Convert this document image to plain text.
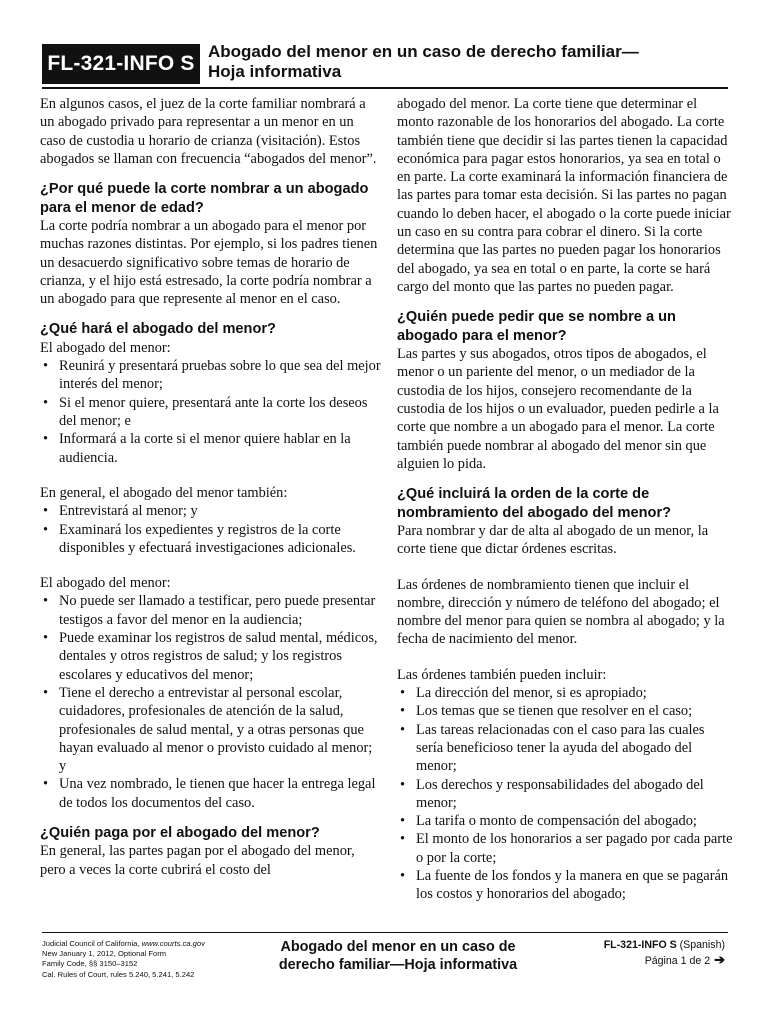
FL-321-INFO S
Abogado del menor en un caso de derecho familiar—
Hoja informativa

En algunos casos, el juez de la corte familiar nombrará a un abogado privado para representar a un menor en un caso de custodia u horario de crianza (visitación). Estos abogados se llaman con frecuencia “abogados del menor”.

¿Por qué puede la corte nombrar a un abogado para el menor de edad?

La corte podría nombrar a un abogado para el menor por muchas razones distintas. Por ejemplo, si los padres tienen un desacuerdo significativo sobre temas de horario de crianza, y el hijo está estresado, la corte podría nombrar a un abogado para que represente al menor en el caso.

¿Qué hará el abogado del menor?

El abogado del menor:

• Reunirá y presentará pruebas sobre lo que sea del mejor interés del menor;
• Si el menor quiere, presentará ante la corte los deseos del menor; e
• Informará a la corte si el menor quiere hablar en la audiencia.

En general, el abogado del menor también:

• Entrevistará al menor; y
• Examinará los expedientes y registros de la corte disponibles y efectuará investigaciones adicionales.

El abogado del menor:

• No puede ser llamado a testificar, pero puede presentar testigos a favor del menor en la audiencia;
• Puede examinar los registros de salud mental, médicos, dentales y otros registros de salud; y los registros escolares y educativos del menor;
• Tiene el derecho a entrevistar al personal escolar, cuidadores, profesionales de atención de la salud, profesionales de salud mental, y a otras personas que hayan evaluado al menor o provisto cuidado al menor; y
• Una vez nombrado, le tienen que hacer la entrega legal de todos los documentos del caso.
¿Quién paga por el abogado del menor?

En general, las partes pagan por el abogado del menor, pero a veces la corte cubrirá el costo del

abogado del menor. La corte tiene que determinar el monto razonable de los honorarios del abogado. La corte también tiene que decidir si las partes tienen la capacidad económica para pagar estos honorarios, ya sea en total o en parte. La corte examinará la información financiera de las partes para tomar esta decisión. Si las partes no pagan cuando lo deben hacer, el abogado o la corte puede iniciar un caso en su contra para cobrar el dinero. Si la corte determina que las partes no pueden pagar los honorarios del abogado, ya sea en total o en parte, la corte se hará cargo del monto que las partes no pueden pagar.

¿Quién puede pedir que se nombre a un abogado para el menor?

Las partes y sus abogados, otros tipos de abogados, el menor o un pariente del menor, o un mediador de la custodia de los hijos, consejero recomendante de la custodia de los hijos o un evaluador, pueden pedirle a la corte que nombre a un abogado para el menor. La corte también puede nombrar al abogado del menor sin que alguien lo pida.

¿Qué incluirá la orden de la corte de nombramiento del abogado del menor?

Para nombrar y dar de alta al abogado de un menor, la corte tiene que dictar órdenes escritas.

Las órdenes de nombramiento tienen que incluir el nombre, dirección y número de teléfono del abogado; el nombre del menor para quien se nombra al abogado; y la fecha de nacimiento del menor.

Las órdenes también pueden incluir:

• La dirección del menor, si es apropiado;
• Los temas que se tienen que resolver en el caso;
• Las tareas relacionadas con el caso para las cuales sería beneficioso tener la ayuda del abogado del menor;
• Los derechos y responsabilidades del abogado del menor;
• La tarifa o monto de compensación del abogado;
• El monto de los honorarios a ser pagado por cada parte o por la corte;
• La fuente de los fondos y la manera en que se pagarán los costos y honorarios del abogado;
Judicial Council of California, www.courts.ca.gov
New January 1, 2012, Optional Form
Family Code, §§ 3150–3152
Cal. Rules of Court, rules 5.240, 5.241, 5.242
Abogado del menor en un caso de
derecho familiar—Hoja informativa
FL-321-INFO S (Spanish)
Página 1 de 2 ➔
